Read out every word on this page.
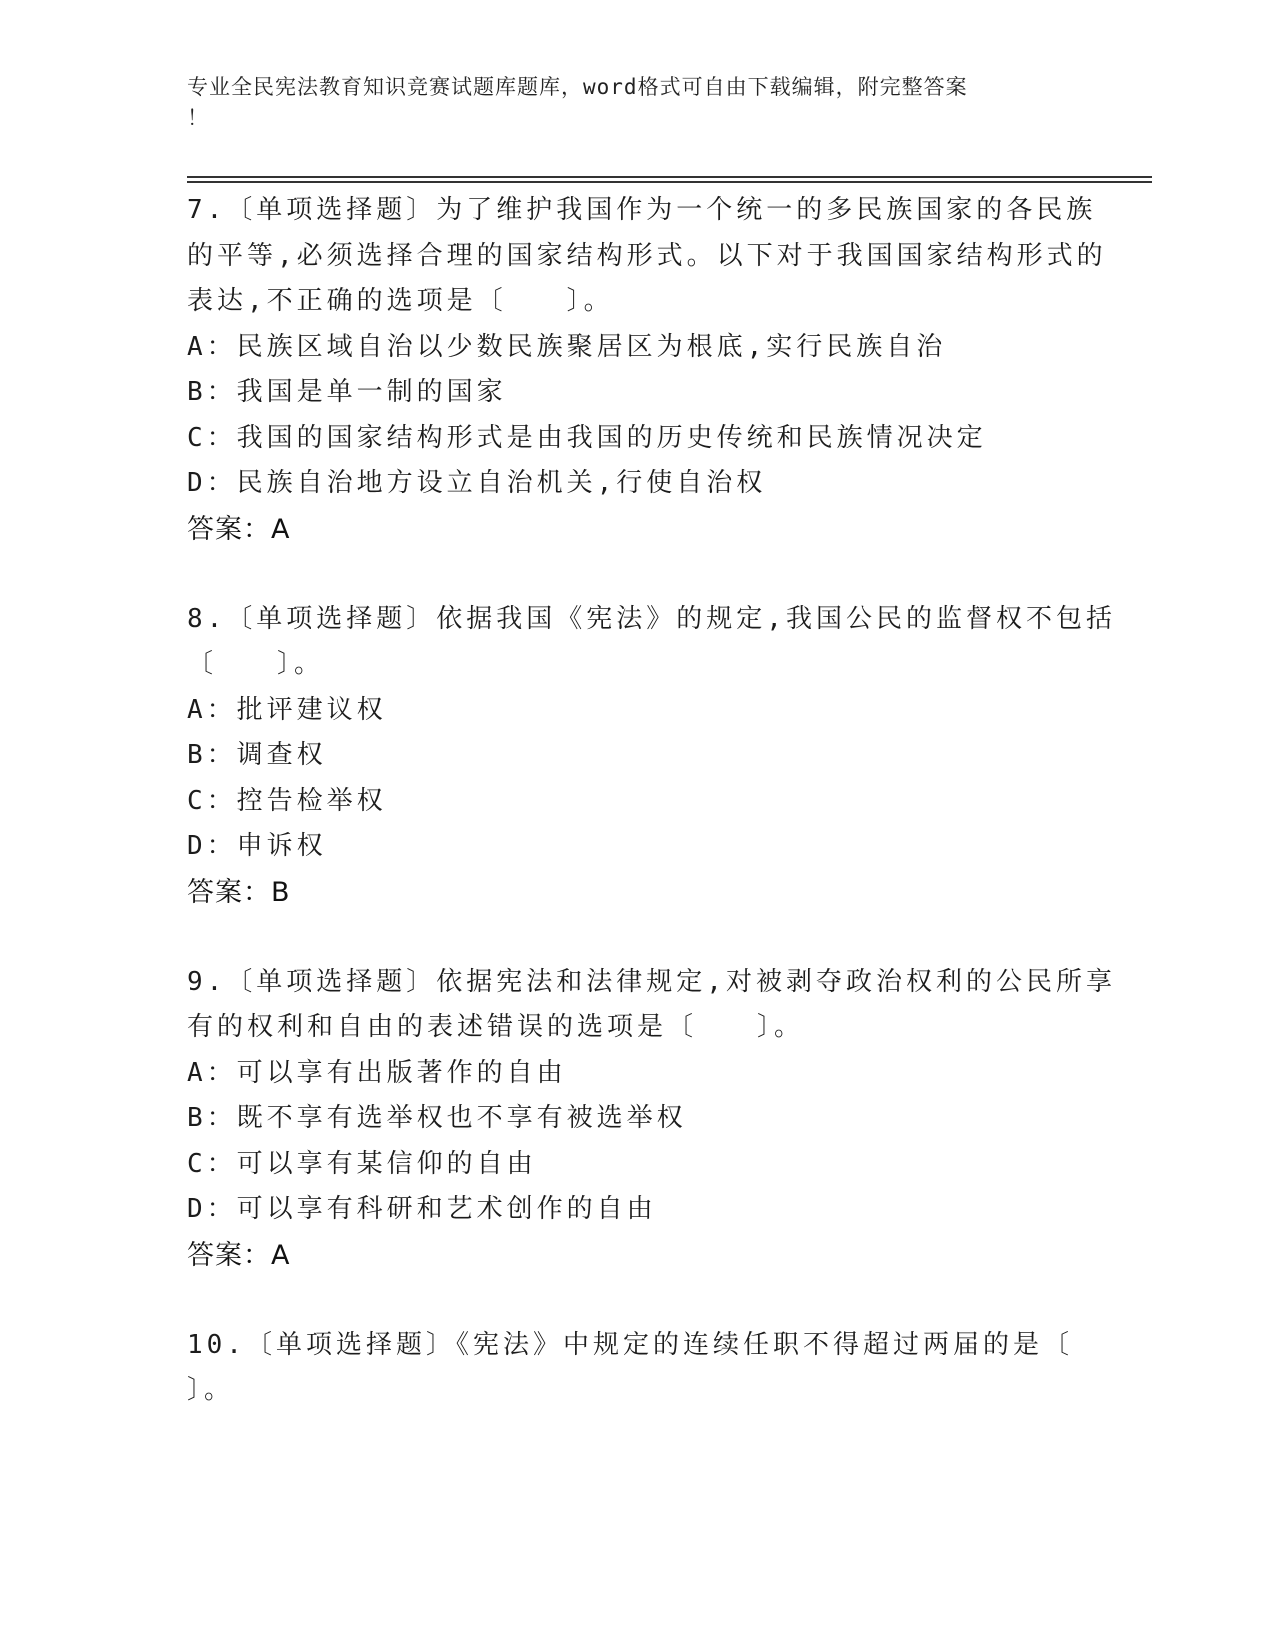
专业全民宪法教育知识竞赛试题库题库，word格式可自由下载编辑，附完整答案
！
7.〔单项选择题〕为了维护我国作为一个统一的多民族国家的各民族
的平等,必须选择合理的国家结构形式。以下对于我国国家结构形式的
表达,不正确的选项是〔　　〕。
A：民族区域自治以少数民族聚居区为根底,实行民族自治
B：我国是单一制的国家
C：我国的国家结构形式是由我国的历史传统和民族情况决定
D：民族自治地方设立自治机关,行使自治权
答案：A
8.〔单项选择题〕依据我国《宪法》的规定,我国公民的监督权不包括
〔　　〕。
A：批评建议权
B：调查权
C：控告检举权
D：申诉权
答案：B
9.〔单项选择题〕依据宪法和法律规定,对被剥夺政治权利的公民所享
有的权利和自由的表述错误的选项是〔　　〕。
A：可以享有出版著作的自由
B：既不享有选举权也不享有被选举权
C：可以享有某信仰的自由
D：可以享有科研和艺术创作的自由
答案：A
10.〔单项选择题〕《宪法》中规定的连续任职不得超过两届的是〔
〕。
